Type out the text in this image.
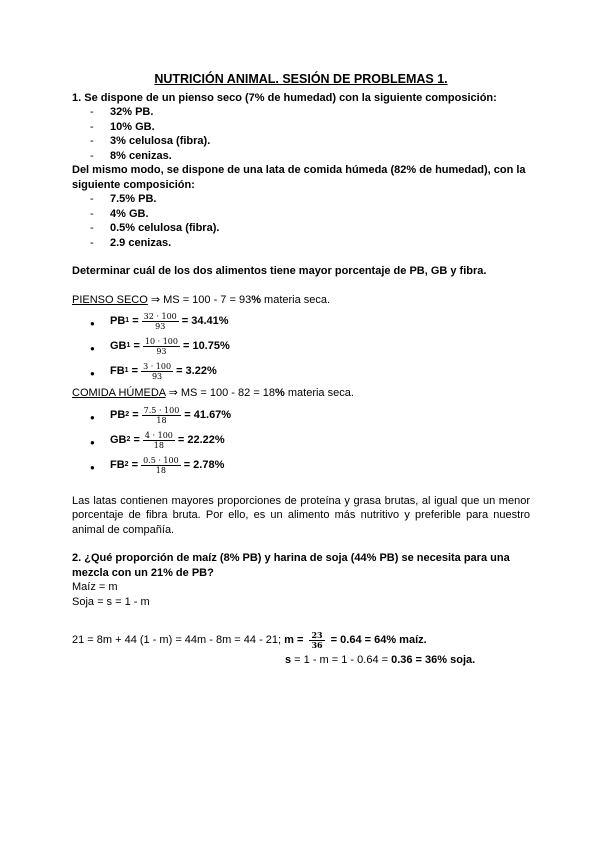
NUTRICIÓN ANIMAL. SESIÓN DE PROBLEMAS 1.
1. Se dispone de un pienso seco (7% de humedad) con la siguiente composición:
- 32% PB.
- 10% GB.
- 3% celulosa (fibra).
- 8% cenizas.
Del mismo modo, se dispone de una lata de comida húmeda (82% de humedad), con la siguiente composición:
- 7.5% PB.
- 4% GB.
- 0.5% celulosa (fibra).
- 2.9 cenizas.
Determinar cuál de los dos alimentos tiene mayor porcentaje de PB, GB y fibra.
PIENSO SECO ⇒ MS = 100 - 7 = 93% materia seca.
● PB $1 = \frac{32 \cdot 100}{93} = 34.41\%$
● GB $1 = \frac{10 \cdot 100}{93} = 10.75\%$
● FB $1 = \frac{3 \cdot 100}{93} = 3.22\%$
COMIDA HÚMEDA ⇒ MS = 100 - 82 = 18% materia seca.
● PB $2 = \frac{7.5 \cdot 100}{18} = 41.67\%$
● GB $2 = \frac{4 \cdot 100}{18} = 22.22\%$
● FB $2 = \frac{0.5 \cdot 100}{18} = 2.78\%$
Las latas contienen mayores proporciones de proteína y grasa brutas, al igual que un menor porcentaje de fibra bruta. Por ello, es un alimento más nutritivo y preferible para nuestro animal de compañía.
2. ¿Qué proporción de maíz (8% PB) y harina de soja (44% PB) se necesita para una mezcla con un 21% de PB?
Maíz = m
Soja = s = 1 - m
21 = 8m + 44 (1 - m) = 44m - 8m = 44 - 21; $m = \frac{23}{36} = 0.64 = 64\%$ maíz.
s = 1 - m = 1 - 0.64 = 0.36 = 36% soja.
